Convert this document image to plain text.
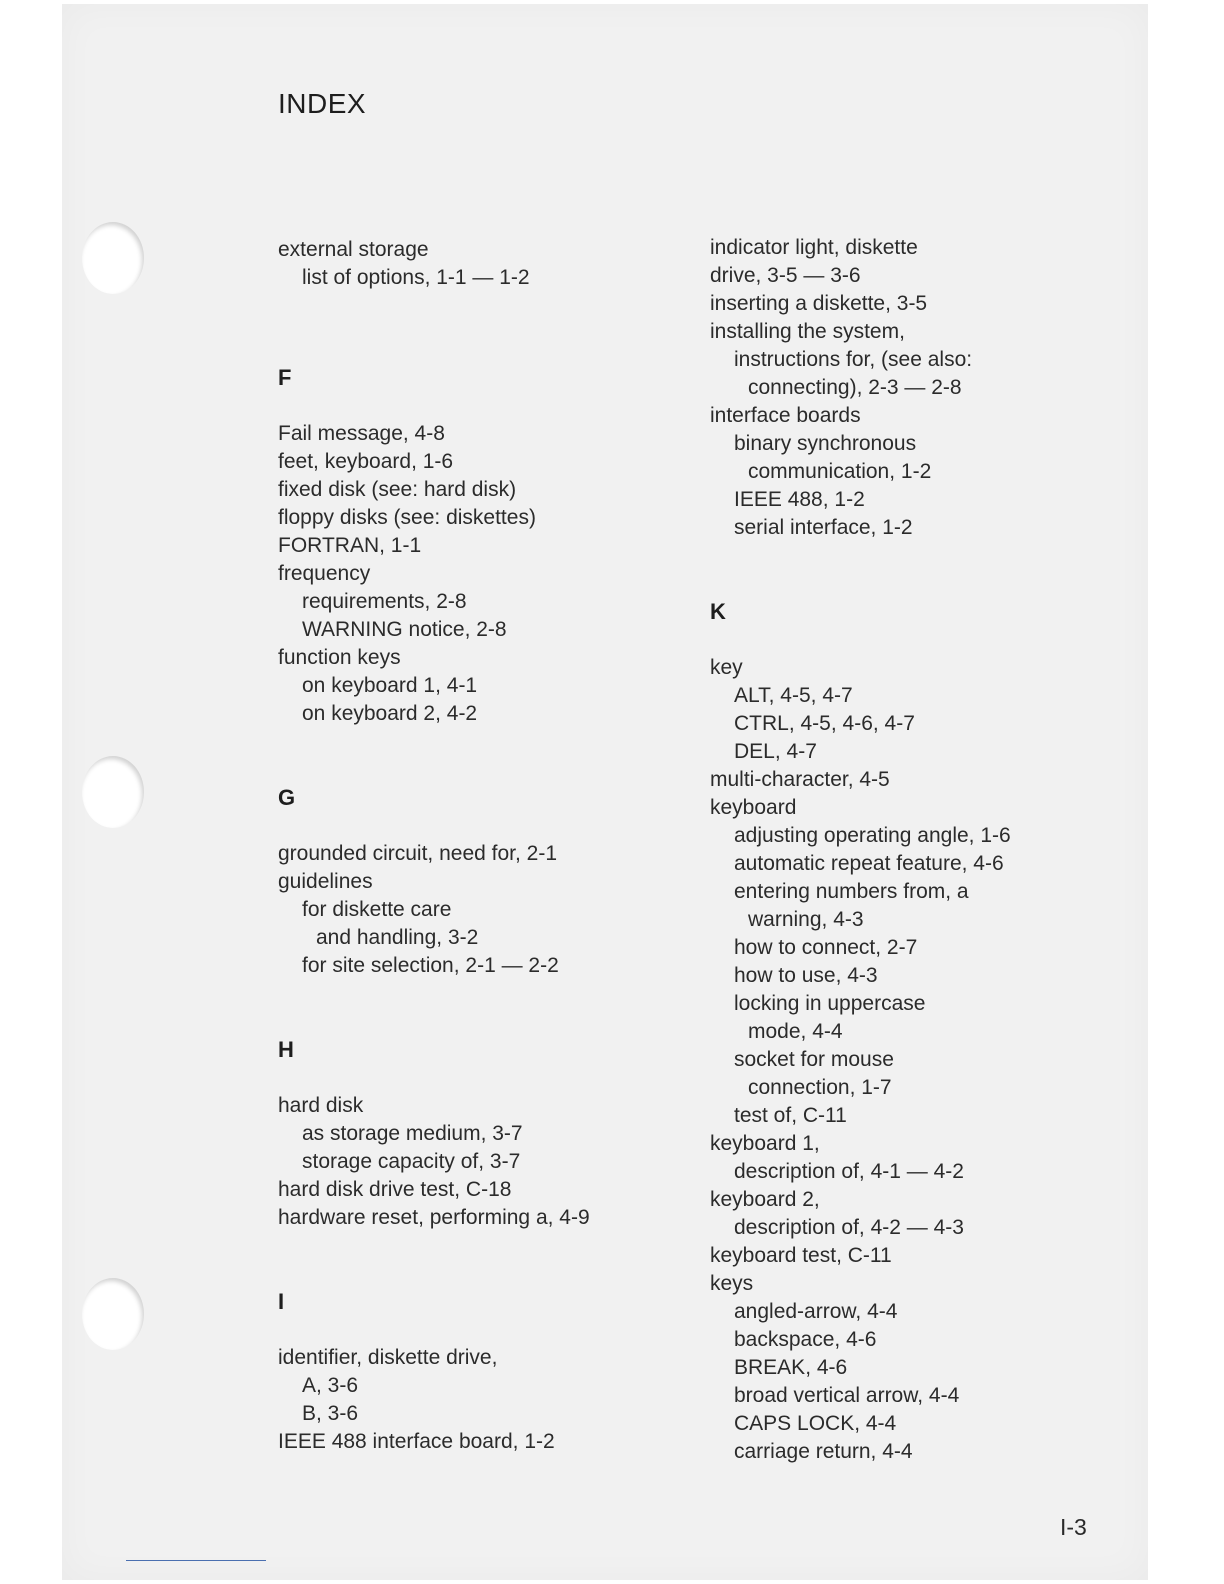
INDEX
external storage
list of options, 1-1 — 1-2
F
Fail message, 4-8
feet, keyboard, 1-6
fixed disk (see: hard disk)
floppy disks (see: diskettes)
FORTRAN, 1-1
frequency
requirements, 2-8
WARNING notice, 2-8
function keys
on keyboard 1, 4-1
on keyboard 2, 4-2
G
grounded circuit, need for, 2-1
guidelines
for diskette care
and handling, 3-2
for site selection, 2-1 — 2-2
H
hard disk
as storage medium, 3-7
storage capacity of, 3-7
hard disk drive test, C-18
hardware reset, performing a, 4-9
I
identifier, diskette drive,
A, 3-6
B, 3-6
IEEE 488 interface board, 1-2
indicator light, diskette
drive, 3-5 — 3-6
inserting a diskette, 3-5
installing the system,
instructions for, (see also:
connecting), 2-3 — 2-8
interface boards
binary synchronous
communication, 1-2
IEEE 488, 1-2
serial interface, 1-2
K
key
ALT, 4-5, 4-7
CTRL, 4-5, 4-6, 4-7
DEL, 4-7
multi-character, 4-5
keyboard
adjusting operating angle, 1-6
automatic repeat feature, 4-6
entering numbers from, a
warning, 4-3
how to connect, 2-7
how to use, 4-3
locking in uppercase
mode, 4-4
socket for mouse
connection, 1-7
test of, C-11
keyboard 1,
description of, 4-1 — 4-2
keyboard 2,
description of, 4-2 — 4-3
keyboard test, C-11
keys
angled-arrow, 4-4
backspace, 4-6
BREAK, 4-6
broad vertical arrow, 4-4
CAPS LOCK, 4-4
carriage return, 4-4
I-3
